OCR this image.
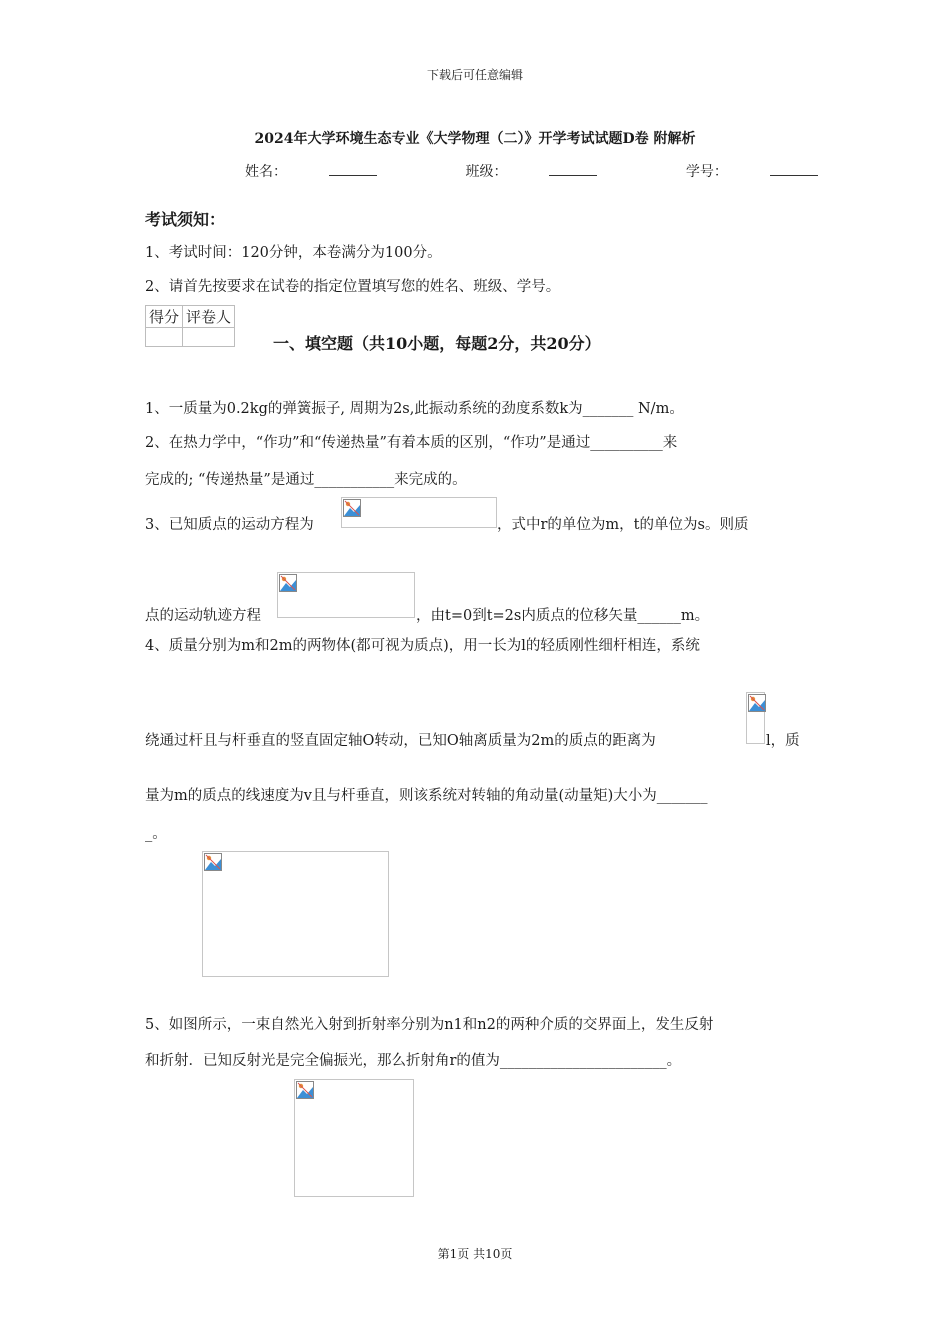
下载后可任意编辑
2024年大学环境生态专业《大学物理（二）》开学考试试题D卷 附解析
姓名：	班级：	学号：
考试须知：
1、考试时间：120分钟，本卷满分为100分。
2、请首先按要求在试卷的指定位置填写您的姓名、班级、学号。
得分	评卷人

一、填空题（共10小题，每题2分，共20分）
1、一质量为0.2kg的弹簧振子, 周期为2s,此振动系统的劲度系数k为_______ N/m。
2、在热力学中，“作功”和“传递热量”有着本质的区别，“作功”是通过__________来
完成的; “传递热量”是通过___________来完成的。
3、已知质点的运动方程为	，式中r的单位为m，t的单位为s。则质
点的运动轨迹方程	，由t=0到t=2s内质点的位移矢量______m。
4、质量分别为m和2m的两物体(都可视为质点)，用一长为l的轻质刚性细杆相连，系统
绕通过杆且与杆垂直的竖直固定轴O转动，已知O轴离质量为2m的质点的距离为	l，质
量为m的质点的线速度为v且与杆垂直，则该系统对转轴的角动量(动量矩)大小为_______
_。
5、如图所示，一束自然光入射到折射率分别为n1和n2的两种介质的交界面上，发生反射
和折射．已知反射光是完全偏振光，那么折射角r的值为_______________________。
第1页 共10页
